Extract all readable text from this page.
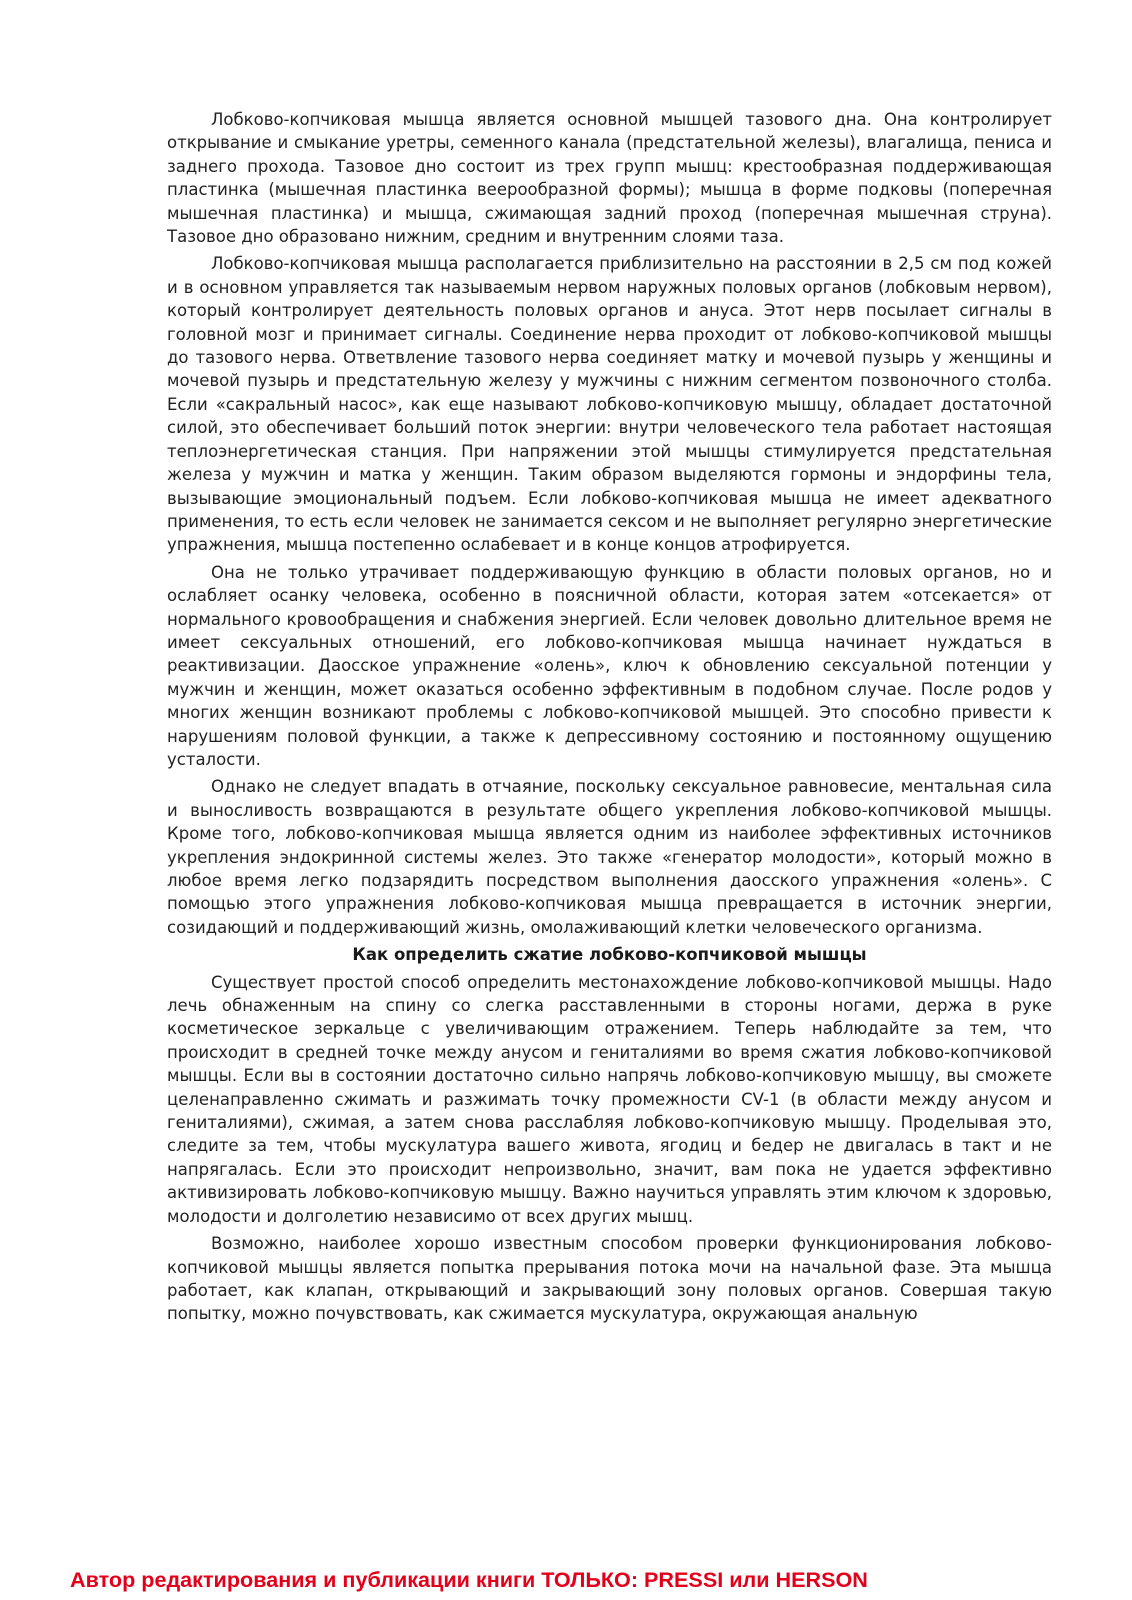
Лобково-копчиковая мышца является основной мышцей тазового дна. Она контролирует открывание и смыкание уретры, семенного канала (предстательной железы), влагалища, пениса и заднего прохода. Тазовое дно состоит из трех групп мышц: крестообразная поддерживающая пластинка (мышечная пластинка веерообразной формы); мышца в форме подковы (поперечная мышечная пластинка) и мышца, сжимающая задний проход (поперечная мышечная струна). Тазовое дно образовано нижним, средним и внутренним слоями таза.

Лобково-копчиковая мышца располагается приблизительно на расстоянии в 2,5 см под кожей и в основном управляется так называемым нервом наружных половых органов (лобковым нервом), который контролирует деятельность половых органов и ануса. Этот нерв посылает сигналы в головной мозг и принимает сигналы. Соединение нерва проходит от лобково-копчиковой мышцы до тазового нерва. Ответвление тазового нерва соединяет матку и мочевой пузырь у женщины и мочевой пузырь и предстательную железу у мужчины с нижним сегментом позвоночного столба. Если «сакральный насос», как еще называют лобково-копчиковую мышцу, обладает достаточной силой, это обеспечивает больший поток энергии: внутри человеческого тела работает настоящая теплоэнергетическая станция. При напряжении этой мышцы стимулируется предстательная железа у мужчин и матка у женщин. Таким образом выделяются гормоны и эндорфины тела, вызывающие эмоциональный подъем. Если лобково-копчиковая мышца не имеет адекватного применения, то есть если человек не занимается сексом и не выполняет регулярно энергетические упражнения, мышца постепенно ослабевает и в конце концов атрофируется.

Она не только утрачивает поддерживающую функцию в области половых органов, но и ослабляет осанку человека, особенно в поясничной области, которая затем «отсекается» от нормального кровообращения и снабжения энергией. Если человек довольно длительное время не имеет сексуальных отношений, его лобково-копчиковая мышца начинает нуждаться в реактивизации. Даосское упражнение «олень», ключ к обновлению сексуальной потенции у мужчин и женщин, может оказаться особенно эффективным в подобном случае. После родов у многих женщин возникают проблемы с лобково-копчиковой мышцей. Это способно привести к нарушениям половой функции, а также к депрессивному состоянию и постоянному ощущению усталости.

Однако не следует впадать в отчаяние, поскольку сексуальное равновесие, ментальная сила и выносливость возвращаются в результате общего укрепления лобково-копчиковой мышцы. Кроме того, лобково-копчиковая мышца является одним из наиболее эффективных источников укрепления эндокринной системы желез. Это также «генератор молодости», который можно в любое время легко подзарядить посредством выполнения даосского упражнения «олень». С помощью этого упражнения лобково-копчиковая мышца превращается в источник энергии, созидающий и поддерживающий жизнь, омолаживающий клетки человеческого организма.

Как определить сжатие лобково-копчиковой мышцы

Существует простой способ определить местонахождение лобково-копчиковой мышцы. Надо лечь обнаженным на спину со слегка расставленными в стороны ногами, держа в руке косметическое зеркальце с увеличивающим отражением. Теперь наблюдайте за тем, что происходит в средней точке между анусом и гениталиями во время сжатия лобково-копчиковой мышцы. Если вы в состоянии достаточно сильно напрячь лобково-копчиковую мышцу, вы сможете целенаправленно сжимать и разжимать точку промежности CV-1 (в области между анусом и гениталиями), сжимая, а затем снова расслабляя лобково-копчиковую мышцу. Проделывая это, следите за тем, чтобы мускулатура вашего живота, ягодиц и бедер не двигалась в такт и не напрягалась. Если это происходит непроизвольно, значит, вам пока не удается эффективно активизировать лобково-копчиковую мышцу. Важно научиться управлять этим ключом к здоровью, молодости и долголетию независимо от всех других мышц.

Возможно, наиболее хорошо известным способом проверки функционирования лобково-копчиковой мышцы является попытка прерывания потока мочи на начальной фазе. Эта мышца работает, как клапан, открывающий и закрывающий зону половых органов. Совершая такую попытку, можно почувствовать, как сжимается мускулатура, окружающая анальную

Автор редактирования и публикации книги ТОЛЬКО: PRESSI или HERSON
